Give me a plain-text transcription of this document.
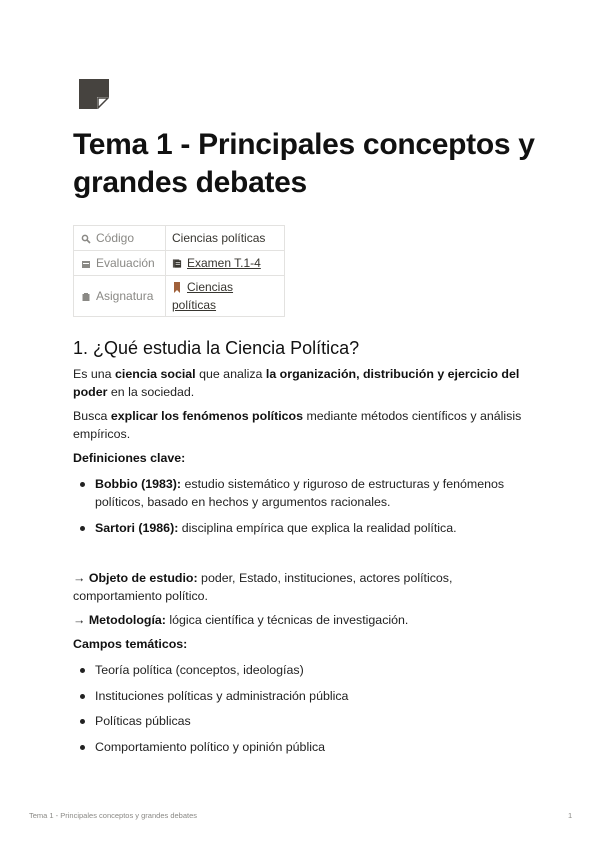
Tema 1 - Principales conceptos y grandes debates
Código	Ciencias políticas
Evaluación	Examen T.1-4
Asignatura	Ciencias políticas
1. ¿Qué estudia la Ciencia Política?

Es una ciencia social que analiza la organización, distribución y ejercicio del poder en la sociedad.

Busca explicar los fenómenos políticos mediante métodos científicos y análisis empíricos.

Definiciones clave:

Bobbio (1983): estudio sistemático y riguroso de estructuras y fenómenos políticos, basado en hechos y argumentos racionales.
Sartori (1986): disciplina empírica que explica la realidad política.

→ Objeto de estudio: poder, Estado, instituciones, actores políticos, comportamiento político.

→ Metodología: lógica científica y técnicas de investigación.

Campos temáticos:

Teoría política (conceptos, ideologías)
Instituciones políticas y administración pública
Políticas públicas
Comportamiento político y opinión pública
Tema 1 - Principales conceptos y grandes debates	1
